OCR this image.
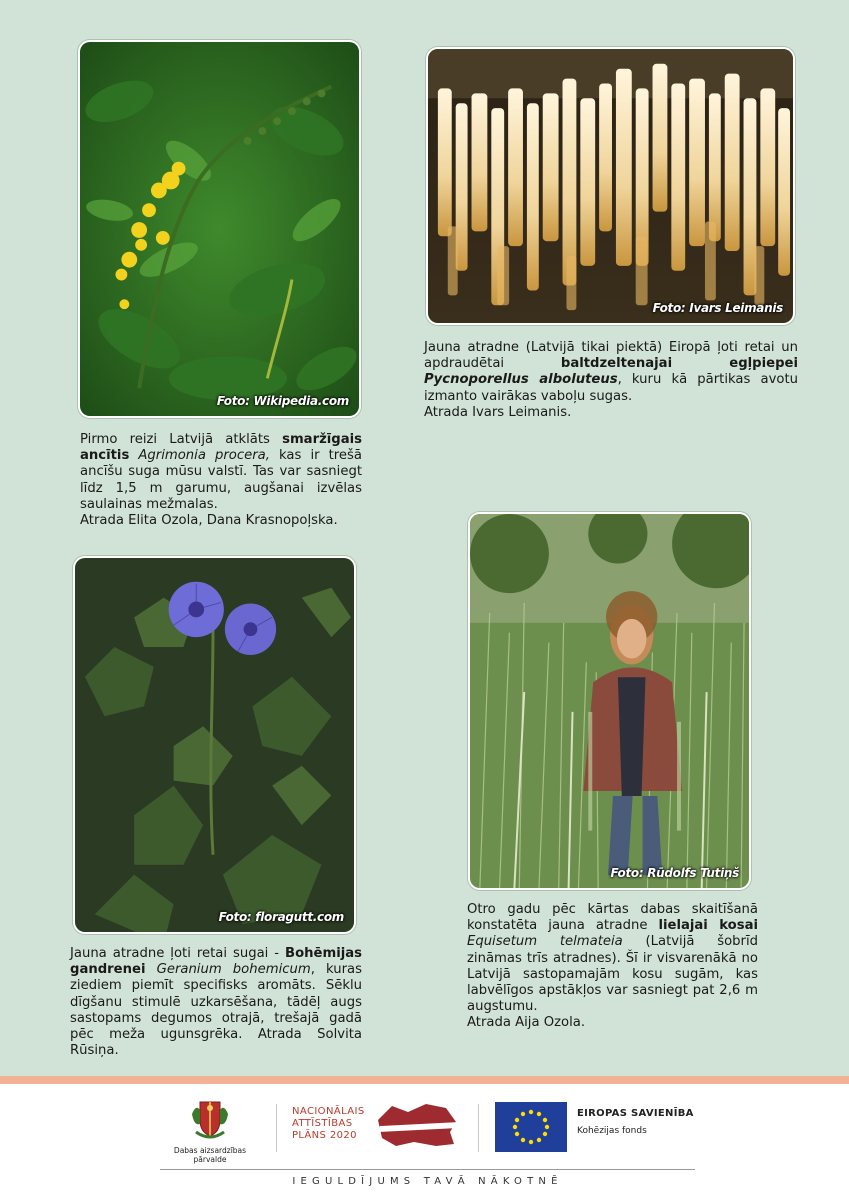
Foto: Wikipedia.com
Foto: Ivars Leimanis
Jauna atradne (Latvijā tikai piektā) Eiropā ļoti retai un apdraudētai baltdzeltenajai egļpiepei Pycnoporellus alboluteus, kuru kā pārtikas avotu izmanto vairākas vaboļu sugas.
Atrada Ivars Leimanis.
Pirmo reizi Latvijā atklāts smaržīgais ancītis Agrimonia procera, kas ir trešā ancīšu suga mūsu valstī. Tas var sasniegt līdz 1,5 m garumu, augšanai izvēlas saulainas mežmalas.
Atrada Elita Ozola, Dana Krasnopoļska.
Foto: floragutt.com
Foto: Rūdolfs Tutiņš
Otro gadu pēc kārtas dabas skaitīšanā konstatēta jauna atradne lielajai kosai Equisetum telmateia (Latvijā šobrīd zināmas trīs atradnes). Šī ir visvarenākā no Latvijā sastopamajām kosu sugām, kas labvēlīgos apstākļos var sasniegt pat 2,6 m augstumu.
Atrada Aija Ozola.
Jauna atradne ļoti retai sugai - Bohēmijas gandrenei Geranium bohemicum, kuras ziediem piemīt specifisks aromāts. Sēklu dīgšanu stimulē uzkarsēšana, tādēļ augs sastopams degumos otrajā, trešajā gadā pēc meža ugunsgrēka. Atrada Solvita Rūsiņa.
Dabas aizsardzības pārvalde
NACIONĀLAIS
ATTĪSTĪBAS
PLĀNS 2020
EIROPAS SAVIENĪBA
Kohēzijas fonds
IEGULDĪJUMS TAVĀ NĀKOTNĒ
